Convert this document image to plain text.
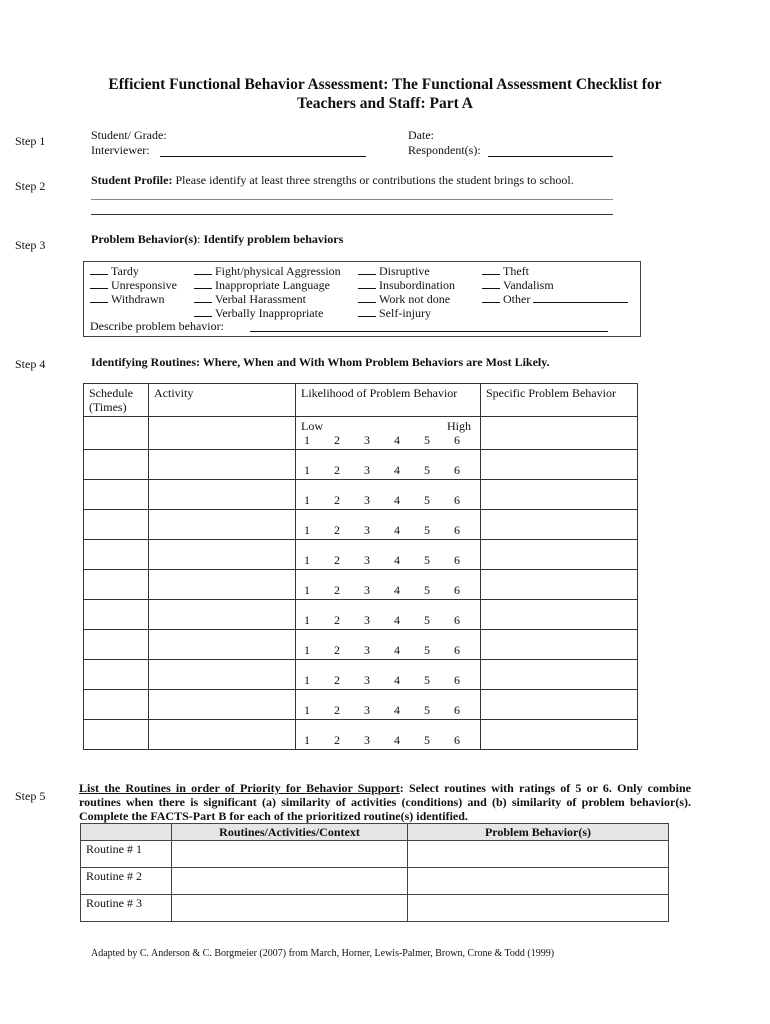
Efficient Functional Behavior Assessment: The Functional Assessment Checklist for
Teachers and Staff: Part A
Step 1	Student/ Grade:
Interviewer:
Date:
Respondent(s):
Step 2	Student Profile: Please identify at least three strengths or contributions the student brings to school.
Step 3	Problem Behavior(s): Identify problem behaviors
Tardy
Unresponsive
Withdrawn
Fight/physical Aggression
Inappropriate Language
Verbal Harassment
Verbally Inappropriate
Disruptive
Insubordination
Work not done
Self-injury
Theft
Vandalism
Other
Describe problem behavior:
Step 4	Identifying Routines: Where, When and With Whom Problem Behaviors are Most Likely.
Schedule (Times)	Activity	Likelihood of Problem Behavior	Specific Problem Behavior

Low	High
1 2 3 4 5 6

1 2 3 4 5 6

1 2 3 4 5 6

1 2 3 4 5 6

1 2 3 4 5 6

1 2 3 4 5 6

1 2 3 4 5 6

1 2 3 4 5 6

1 2 3 4 5 6

1 2 3 4 5 6

1 2 3 4 5 6

Step 5
List the Routines in order of Priority for Behavior Support: Select routines with ratings of 5 or 6. Only combine routines when there is significant (a) similarity of activities (conditions) and (b) similarity of problem behavior(s). Complete the FACTS-Part B for each of the prioritized routine(s) identified.
	Routines/Activities/Context	Problem Behavior(s)
Routine # 1		
Routine # 2		
Routine # 3		
Adapted by C. Anderson & C. Borgmeier (2007) from March, Horner, Lewis-Palmer, Brown, Crone & Todd (1999)
